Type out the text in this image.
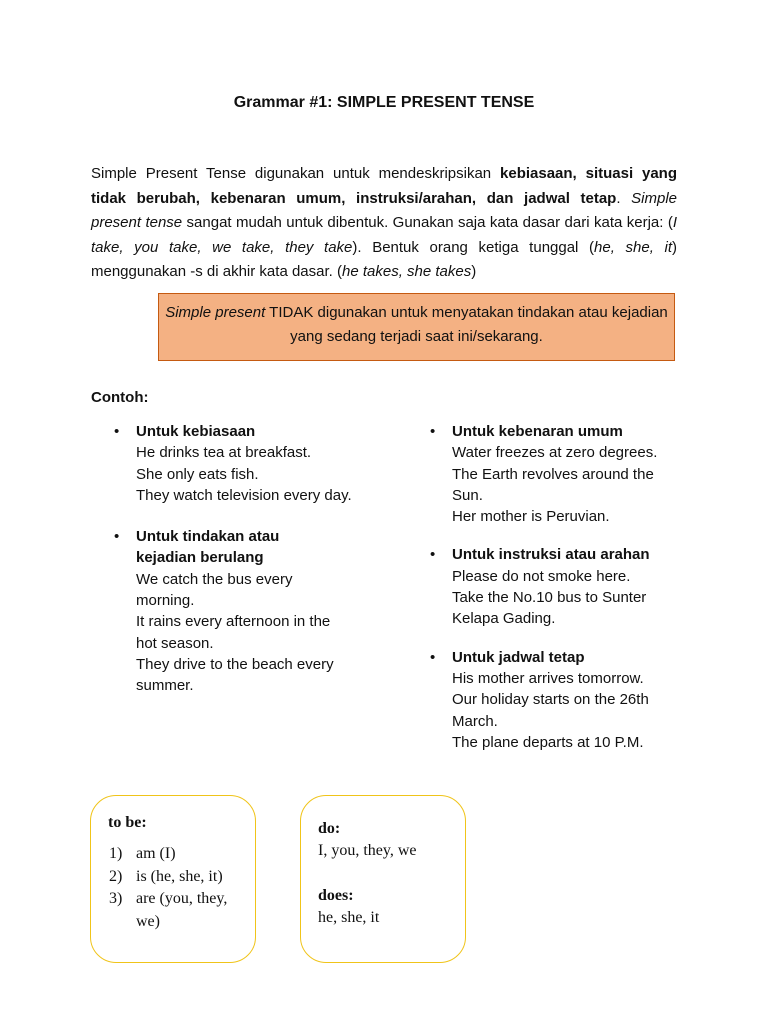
Grammar #1: SIMPLE PRESENT TENSE
Simple Present Tense digunakan untuk mendeskripsikan kebiasaan, situasi yang tidak berubah, kebenaran umum, instruksi/arahan, dan jadwal tetap. Simple present tense sangat mudah untuk dibentuk. Gunakan saja kata dasar dari kata kerja: (I take, you take, we take, they take). Bentuk orang ketiga tunggal (he, she, it) menggunakan -s di akhir kata dasar. (he takes, she takes)
Simple present TIDAK digunakan untuk menyatakan tindakan atau kejadian yang sedang terjadi saat ini/sekarang.
Contoh:
• Untuk kebiasaan
He drinks tea at breakfast.
She only eats fish.
They watch television every day.
• Untuk tindakan atau kejadian berulang
We catch the bus every morning.
It rains every afternoon in the hot season.
They drive to the beach every summer.
• Untuk kebenaran umum
Water freezes at zero degrees.
The Earth revolves around the Sun.
Her mother is Peruvian.
• Untuk instruksi atau arahan
Please do not smoke here.
Take the No.10 bus to Sunter Kelapa Gading.
• Untuk jadwal tetap
His mother arrives tomorrow.
Our holiday starts on the 26th March.
The plane departs at 10 P.M.
to be:
1) am (I)
2) is (he, she, it)
3) are (you, they, we)
do:
I, you, they, we
does:
he, she, it
